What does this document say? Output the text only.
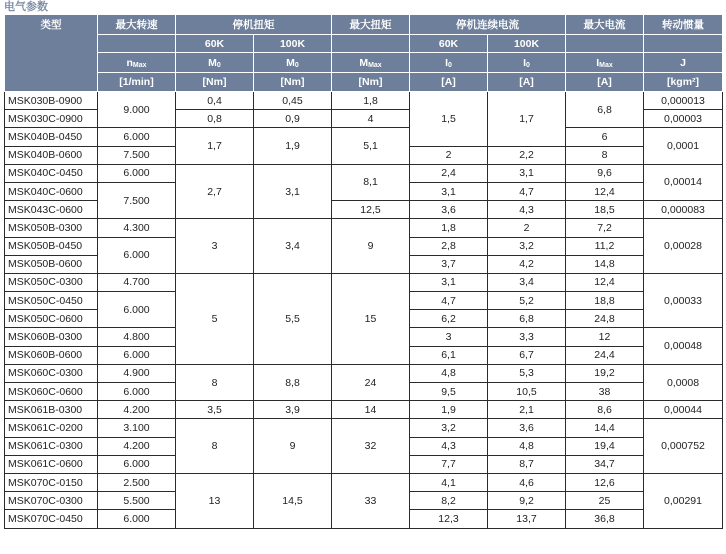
电气参数
类型	最大转速	停机扭矩		最大扭矩	停机连续电流		最大电流	转动惯量
		60K	100K		60K	100K		
	$n_{Max}$	$M_0$	$M_0$	$M_{Max}$	$I_0$	$I_0$	$I_{Max}$	J
	[1/min]	[Nm]	[Nm]	[Nm]	[A]	[A]	[A]	[kgm²]
MSK030B-0900	9.000	0,4	0,45	1,8	1,5	1,7	6,8	0,000013
MSK030C-0900		0,8	0,9	4				0,00003
MSK040B-0450	6.000	1,7	1,9	5,1			6	0,0001
MSK040B-0600	7.500				2	2,2	8	
MSK040C-0450	6.000	2,7	3,1	8,1	2,4	3,1	9,6	0,00014
MSK040C-0600	7.500				3,1	4,7	12,4	
MSK043C-0600				12,5	3,6	4,3	18,5	0,000083
MSK050B-0300	4.300	3	3,4	9	1,8	2	7,2	0,00028
MSK050B-0450	6.000				2,8	3,2	11,2	
MSK050B-0600					3,7	4,2	14,8	
MSK050C-0300	4.700	5	5,5	15	3,1	3,4	12,4	0,00033
MSK050C-0450	6.000				4,7	5,2	18,8	
MSK050C-0600					6,2	6,8	24,8	
MSK060B-0300	4.800				3	3,3	12	0,00048
MSK060B-0600	6.000				6,1	6,7	24,4	
MSK060C-0300	4.900	8	8,8	24	4,8	5,3	19,2	0,0008
MSK060C-0600	6.000				9,5	10,5	38	
MSK061B-0300	4.200	3,5	3,9	14	1,9	2,1	8,6	0,00044
MSK061C-0200	3.100	8	9	32	3,2	3,6	14,4	0,000752
MSK061C-0300	4.200				4,3	4,8	19,4	
MSK061C-0600	6.000				7,7	8,7	34,7	
MSK070C-0150	2.500	13	14,5	33	4,1	4,6	12,6	0,00291
MSK070C-0300	5.500				8,2	9,2	25	
MSK070C-0450	6.000				12,3	13,7	36,8	
